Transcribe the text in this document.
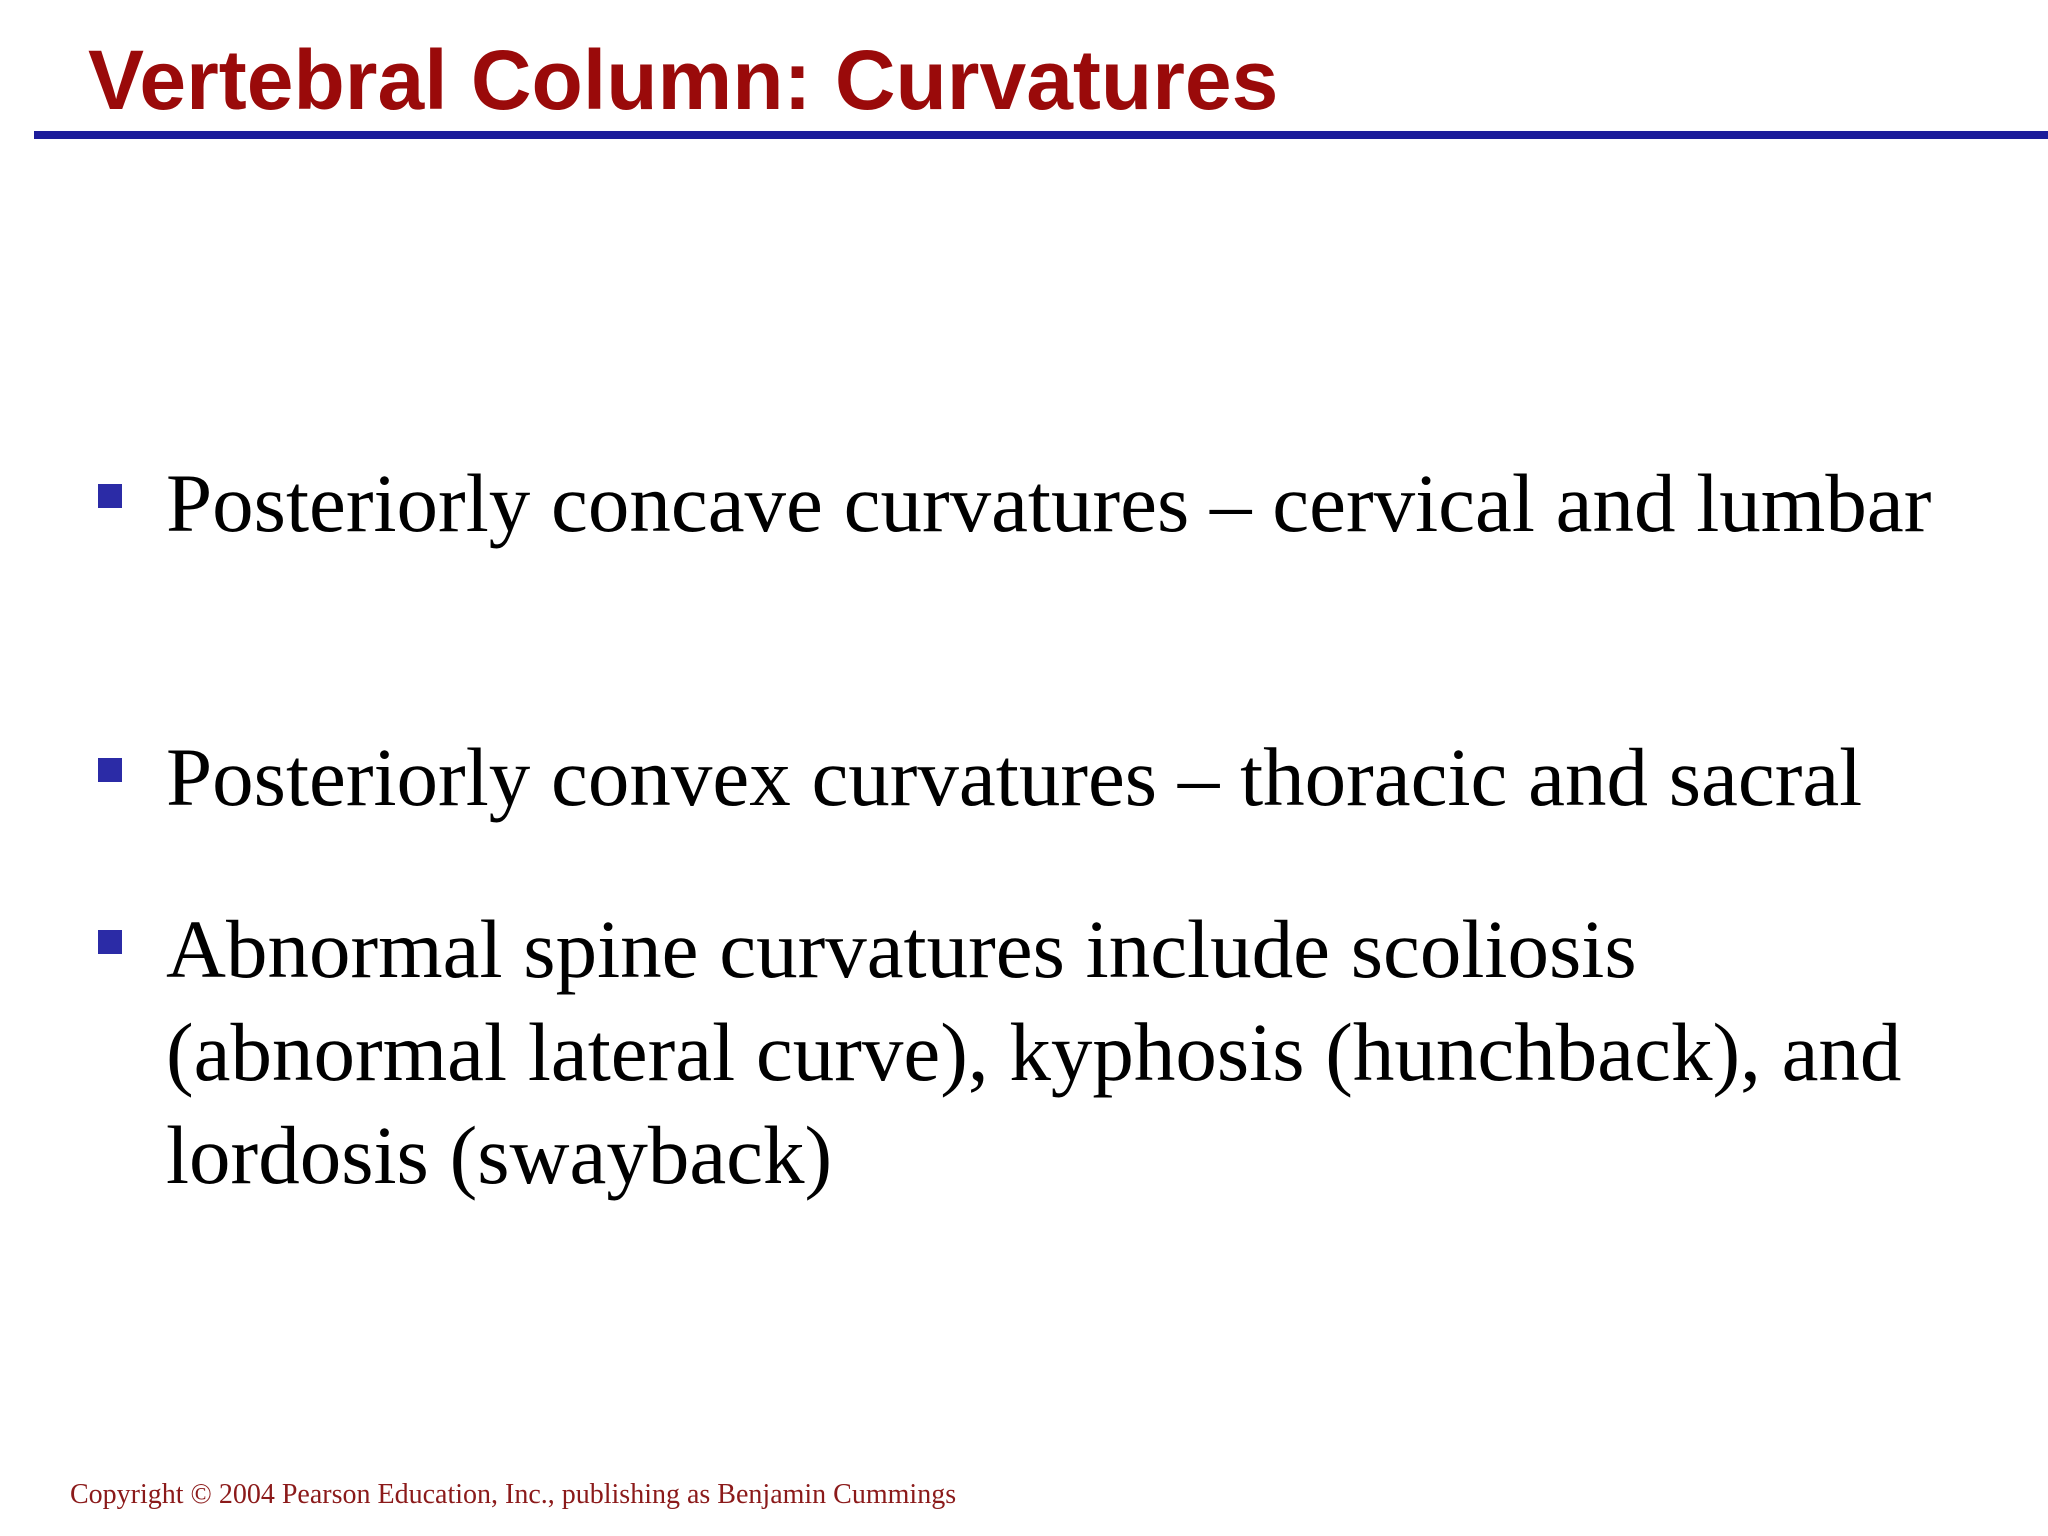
Vertebral Column: Curvatures

Posteriorly concave curvatures – cervical and lumbar

Posteriorly convex curvatures – thoracic and sacral

Abnormal spine curvatures include scoliosis (abnormal lateral curve), kyphosis (hunchback), and lordosis (swayback)

Copyright © 2004 Pearson Education, Inc., publishing as Benjamin Cummings
